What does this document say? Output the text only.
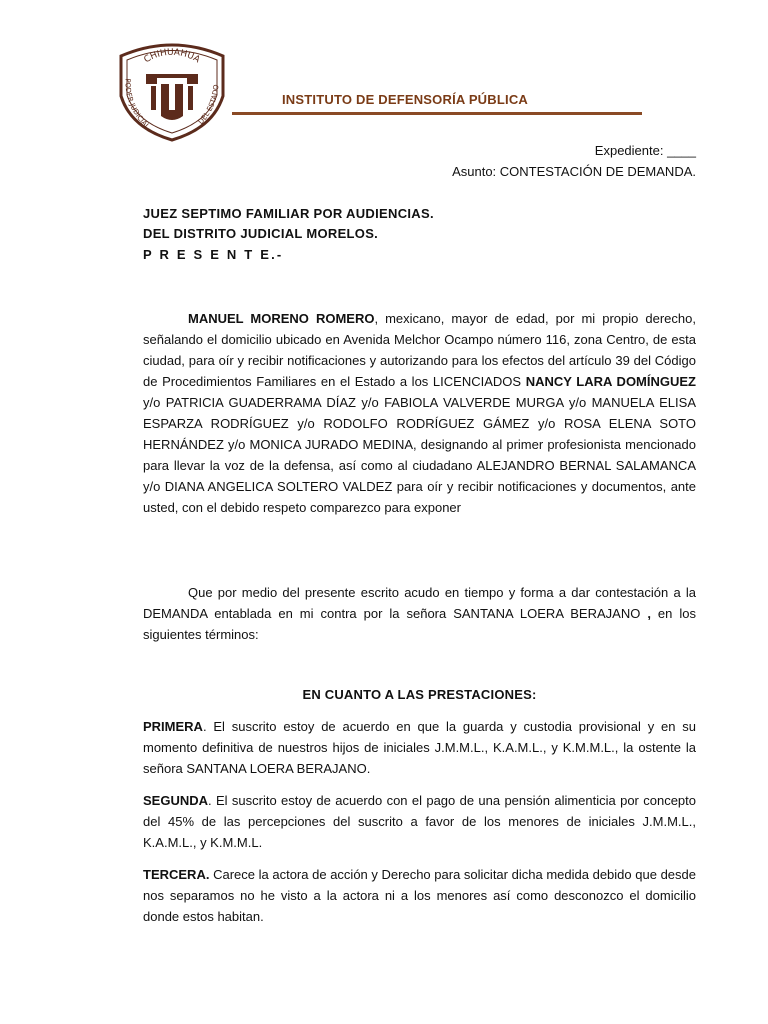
CHIHUAHUA
PODER JUDICIAL
DEL ESTADO
INSTITUTO DE DEFENSORÍA PÚBLICA
Expediente: ____
Asunto: CONTESTACIÓN DE DEMANDA.
JUEZ SEPTIMO FAMILIAR POR AUDIENCIAS.
DEL DISTRITO JUDICIAL MORELOS.
P R E S E N T E.-

MANUEL MORENO ROMERO, mexicano, mayor de edad, por mi propio derecho, señalando el domicilio ubicado en Avenida Melchor Ocampo número 116, zona Centro, de esta ciudad, para oír y recibir notificaciones y autorizando para los efectos del artículo 39 del Código de Procedimientos Familiares en el Estado a los LICENCIADOS NANCY LARA DOMÍNGUEZ y/o PATRICIA GUADERRAMA DÍAZ y/o FABIOLA VALVERDE MURGA y/o MANUELA ELISA ESPARZA RODRÍGUEZ y/o RODOLFO RODRÍGUEZ GÁMEZ y/o ROSA ELENA SOTO HERNÁNDEZ y/o MONICA JURADO MEDINA, designando al primer profesionista mencionado para llevar la voz de la defensa, así como al ciudadano ALEJANDRO BERNAL SALAMANCA y/o DIANA ANGELICA SOLTERO VALDEZ para oír y recibir notificaciones y documentos, ante usted, con el debido respeto comparezco para exponer

Que por medio del presente escrito acudo en tiempo y forma a dar contestación a la DEMANDA entablada en mi contra por la señora SANTANA LOERA BERAJANO , en los siguientes términos:

EN CUANTO A LAS PRESTACIONES:

PRIMERA. El suscrito estoy de acuerdo en que la guarda y custodia provisional y en su momento definitiva de nuestros hijos de iniciales J.M.M.L., K.A.M.L., y K.M.M.L., la ostente la señora SANTANA LOERA BERAJANO.

SEGUNDA. El suscrito estoy de acuerdo con el pago de una pensión alimenticia por concepto del 45% de las percepciones del suscrito a favor de los menores de iniciales J.M.M.L., K.A.M.L., y K.M.M.L.

TERCERA. Carece la actora de acción y Derecho para solicitar dicha medida debido que desde nos separamos no he visto a la actora ni a los menores así como desconozco el domicilio donde estos habitan.
